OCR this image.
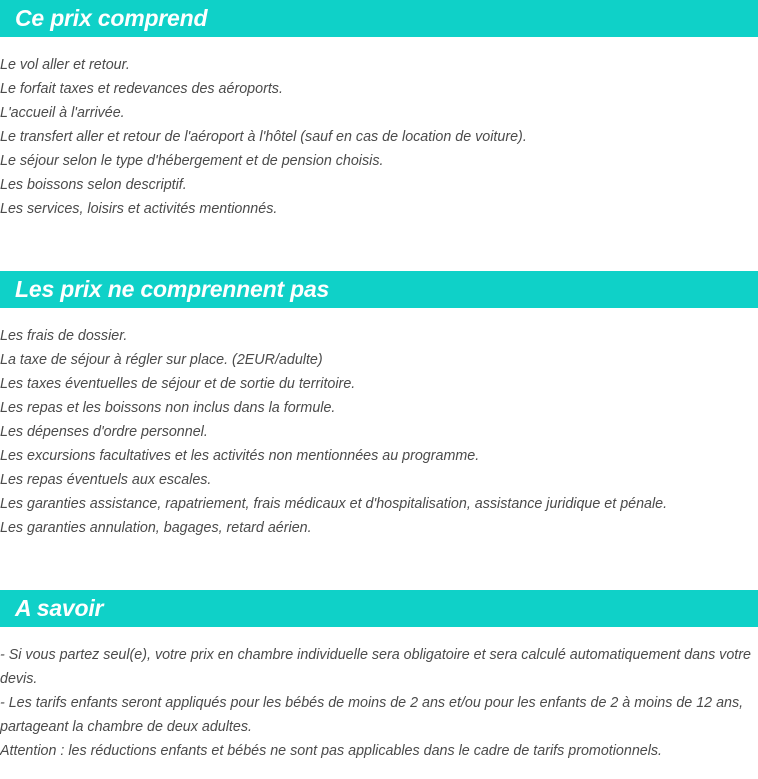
Ce prix comprend

Le vol aller et retour.

Le forfait taxes et redevances des aéroports.

L'accueil à l'arrivée.

Le transfert aller et retour de l'aéroport à l'hôtel (sauf en cas de location de voiture).

Le séjour selon le type d'hébergement et de pension choisis.

Les boissons selon descriptif.

Les services, loisirs et activités mentionnés.

Les prix ne comprennent pas

Les frais de dossier.

La taxe de séjour à régler sur place. (2EUR/adulte)

Les taxes éventuelles de séjour et de sortie du territoire.

Les repas et les boissons non inclus dans la formule.

Les dépenses d'ordre personnel.

Les excursions facultatives et les activités non mentionnées au programme.

Les repas éventuels aux escales.

Les garanties assistance, rapatriement, frais médicaux et d'hospitalisation, assistance juridique et pénale.

Les garanties annulation, bagages, retard aérien.

A savoir

- Si vous partez seul(e), votre prix en chambre individuelle sera obligatoire et sera calculé automatiquement dans votre devis.

- Les tarifs enfants seront appliqués pour les bébés de moins de 2 ans et/ou pour les enfants de 2 à moins de 12 ans, partageant la chambre de deux adultes.

Attention : les réductions enfants et bébés ne sont pas applicables dans le cadre de tarifs promotionnels.
